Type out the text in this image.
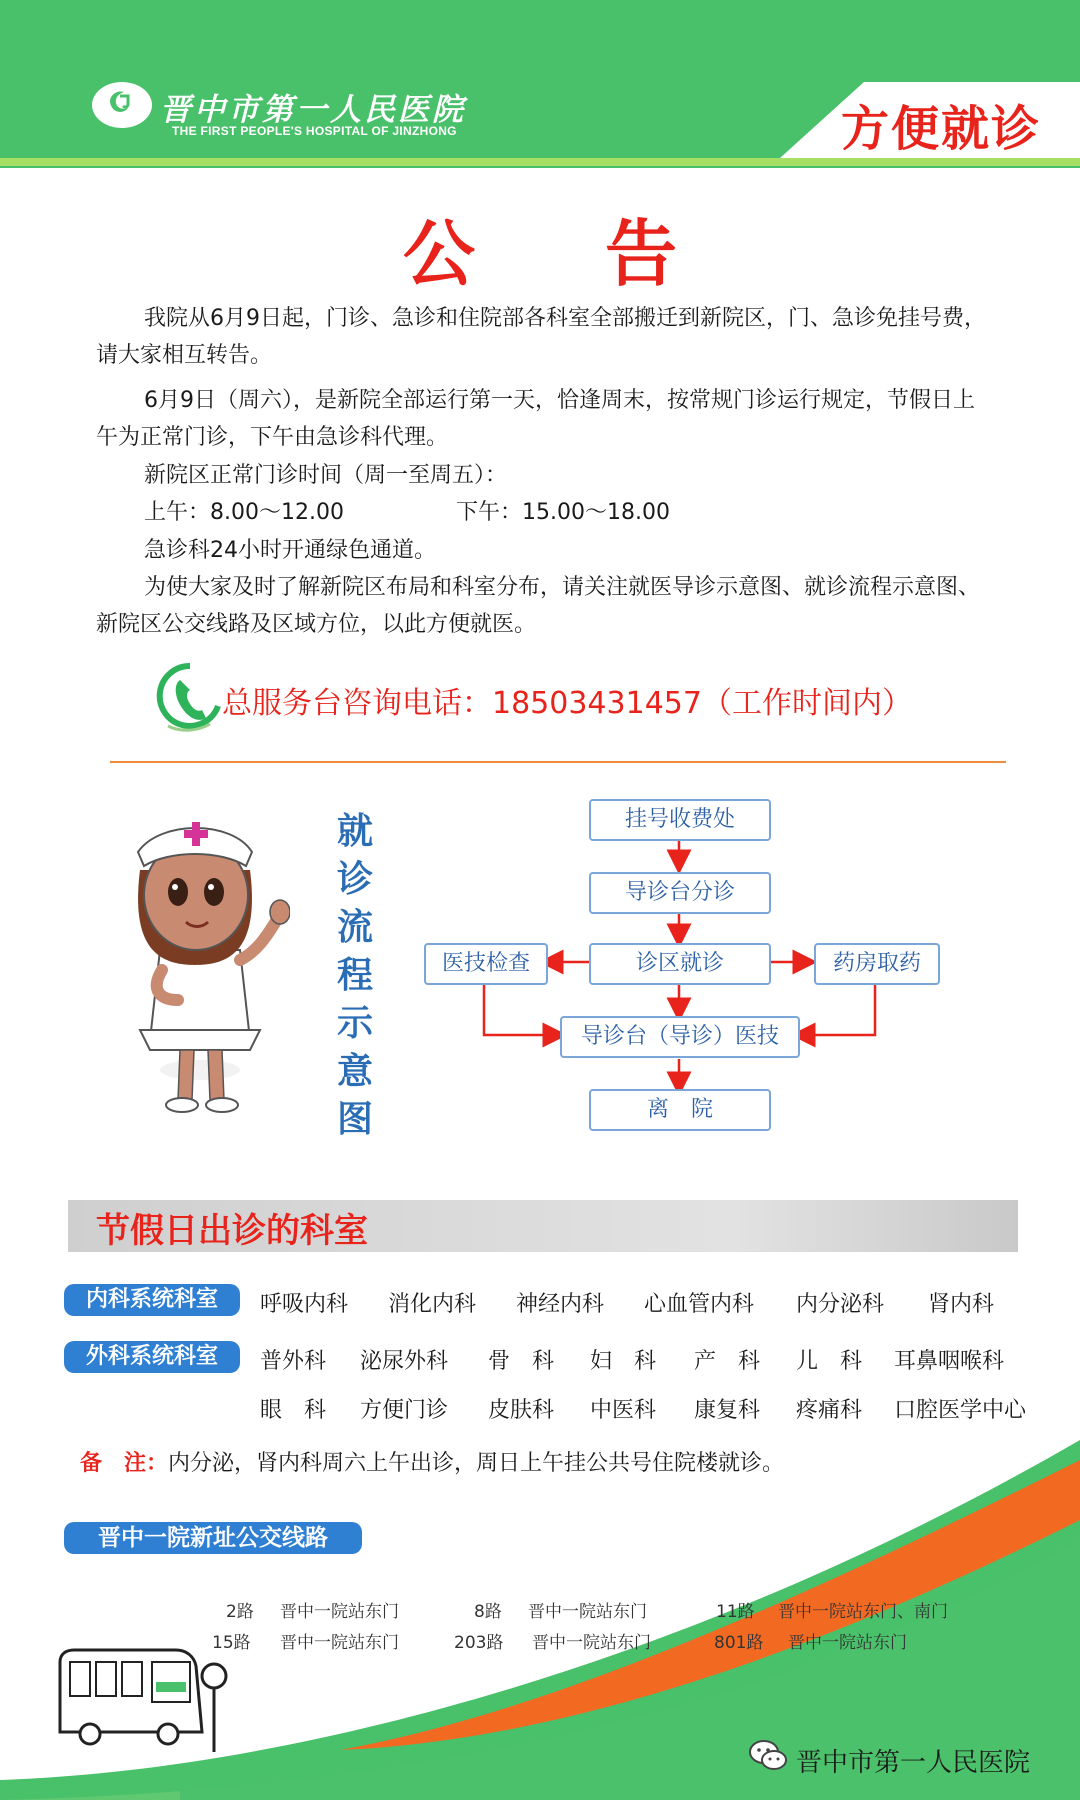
晋中市第一人民医院
THE FIRST PEOPLE'S HOSPITAL OF JINZHONG	方便就诊
公告
我院从6月9日起，门诊、急诊和住院部各科室全部搬迁到新院区，门、急诊免挂号费，请大家相互转告。
6月9日（周六），是新院全部运行第一天，恰逢周末，按常规门诊运行规定，节假日上午为正常门诊，下午由急诊科代理。
新院区正常门诊时间（周一至周五）：
上午：8.00～12.00	下午：15.00～18.00
急诊科24小时开通绿色通道。
为使大家及时了解新院区布局和科室分布，请关注就医导诊示意图、就诊流程示意图、新院区公交线路及区域方位，以此方便就医。
总服务台咨询电话：18503431457（工作时间内）
就诊流程示意图
挂号收费处
导诊台分诊
医技检查	诊区就诊	药房取药
导诊台（导诊）医技
离　院
节假日出诊的科室
内科系统科室	呼吸内科 消化内科 神经内科 心血管内科 内分泌科 肾内科
外科系统科室	普外科 泌尿外科 骨　科 妇　科 产　科 儿　科 耳鼻咽喉科
眼　科 方便门诊 皮肤科 中医科 康复科 疼痛科 口腔医学中心
备　注：内分泌，肾内科周六上午出诊，周日上午挂公共号住院楼就诊。
晋中一院新址公交线路
2路 晋中一院站东门	8路 晋中一院站东门	11路 晋中一院站东门、南门
15路 晋中一院站东门	203路 晋中一院站东门	801路 晋中一院站东门
晋中市第一人民医院
